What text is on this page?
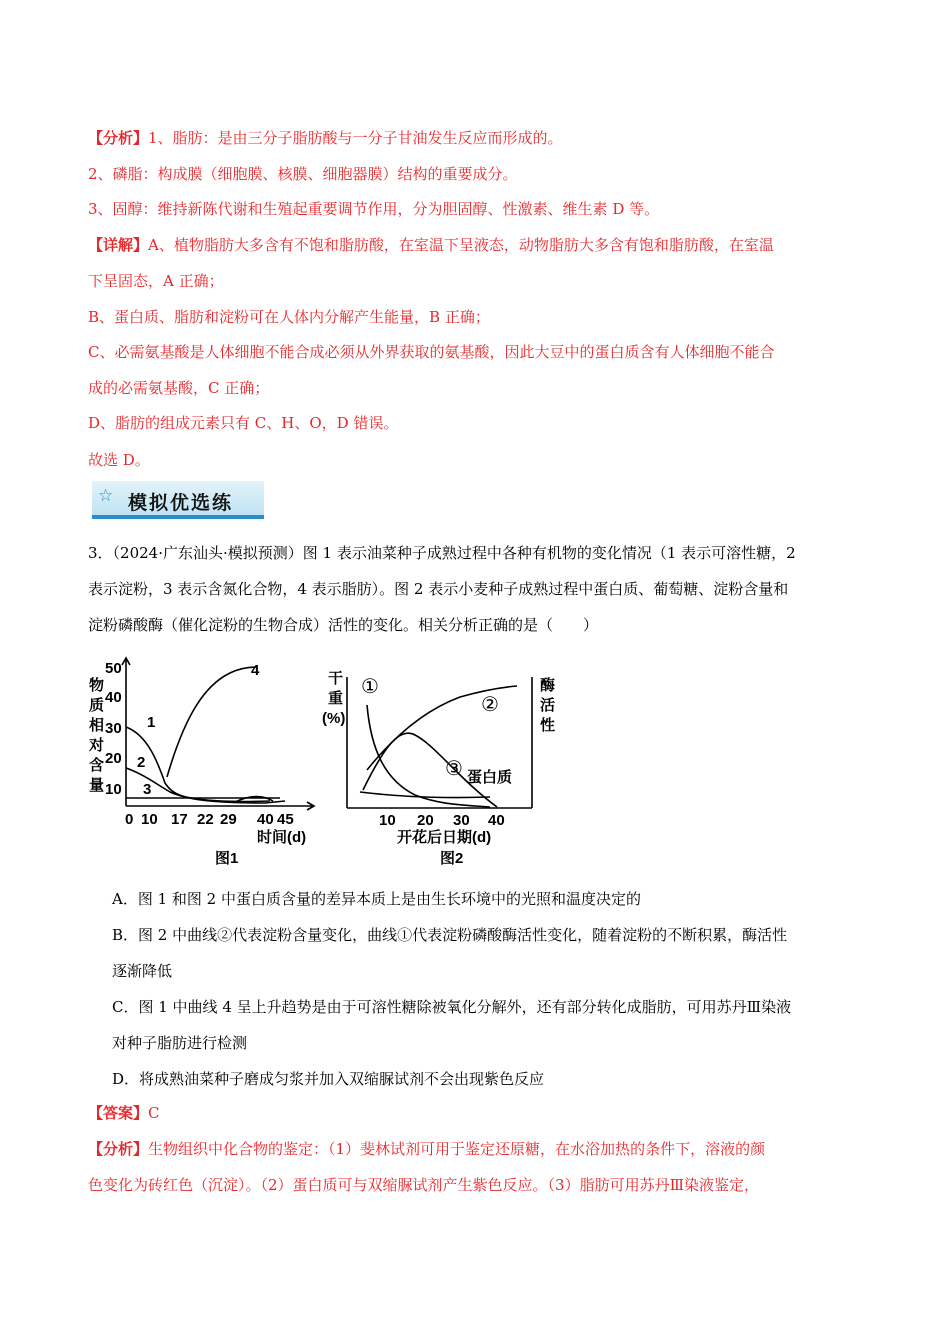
【分析】1、脂肪：是由三分子脂肪酸与一分子甘油发生反应而形成的。
2、磷脂：构成膜（细胞膜、核膜、细胞器膜）结构的重要成分。
3、固醇：维持新陈代谢和生殖起重要调节作用，分为胆固醇、性激素、维生素 D 等。
【详解】A、植物脂肪大多含有不饱和脂肪酸，在室温下呈液态，动物脂肪大多含有饱和脂肪酸，在室温
下呈固态，A 正确；
B、蛋白质、脂肪和淀粉可在人体内分解产生能量，B 正确；
C、必需氨基酸是人体细胞不能合成必须从外界获取的氨基酸，因此大豆中的蛋白质含有人体细胞不能合
成的必需氨基酸，C 正确；
D、脂肪的组成元素只有 C、H、O，D 错误。
故选 D。
☆ 模拟优选练
3．（2024·广东汕头·模拟预测）图 1 表示油菜种子成熟过程中各种有机物的变化情况（1 表示可溶性糖，2
表示淀粉，3 表示含氮化合物，4 表示脂肪）。图 2 表示小麦种子成熟过程中蛋白质、葡萄糖、淀粉含量和
淀粉磷酸酶（催化淀粉的生物合成）活性的变化。相关分析正确的是（　　）
50
40
30
20
10
物
质
相
对
含
量
0 10 17 22 29 40 45
时间(d)
图1
1
2
3
4	干
重
(%)
酶
活
性
10 20 30 40
开花后日期(d)
图2
①
②
③ 蛋白质
A．图 1 和图 2 中蛋白质含量的差异本质上是由生长环境中的光照和温度决定的
B．图 2 中曲线②代表淀粉含量变化，曲线①代表淀粉磷酸酶活性变化，随着淀粉的不断积累，酶活性
逐渐降低
C．图 1 中曲线 4 呈上升趋势是由于可溶性糖除被氧化分解外，还有部分转化成脂肪，可用苏丹Ⅲ染液
对种子脂肪进行检测
D．将成熟油菜种子磨成匀浆并加入双缩脲试剂不会出现紫色反应
【答案】C
【分析】生物组织中化合物的鉴定：（1）斐林试剂可用于鉴定还原糖，在水浴加热的条件下，溶液的颜
色变化为砖红色（沉淀）。（2）蛋白质可与双缩脲试剂产生紫色反应。（3）脂肪可用苏丹Ⅲ染液鉴定，
